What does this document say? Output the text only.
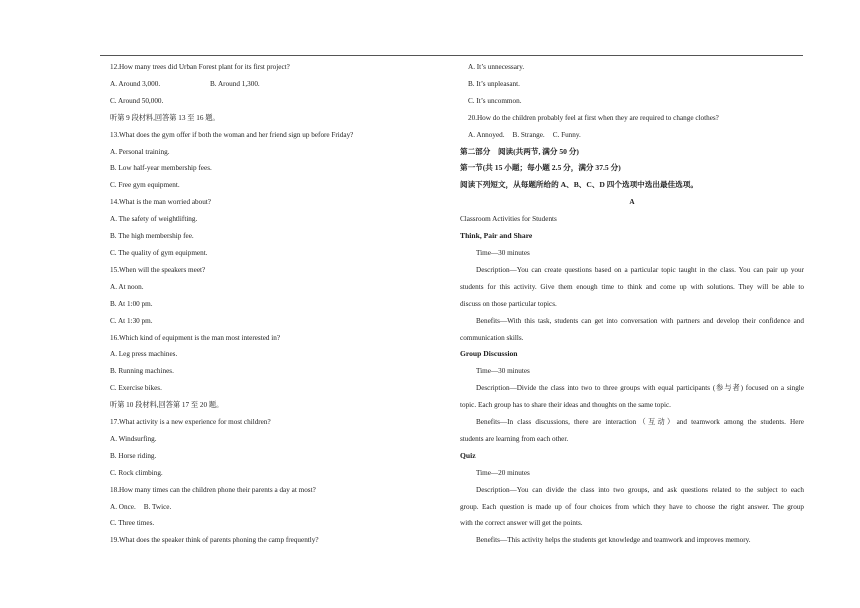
12.How many trees did Urban Forest plant for its first project?
A. Around 3,000.	B. Around 1,300.
C. Around 50,000.
听第 9 段材料,回答第 13 至 16 题。
13.What does the gym offer if both the woman and her friend sign up before Friday?
A. Personal training.
B. Low half-year membership fees.
C. Free gym equipment.
14.What is the man worried about?
A. The safety of weightlifting.
B. The high membership fee.
C. The quality of gym equipment.
15.When will the speakers meet?
A. At noon.
B. At 1:00 pm.
C. At 1:30 pm.
16.Which kind of equipment is the man most interested in?
A. Leg press machines.
B. Running machines.
C. Exercise bikes.
听第 10 段材料,回答第 17 至 20 题。
17.What activity is a new experience for most children?
A. Windsurfing.
B. Horse riding.
C. Rock climbing.
18.How many times can the children phone their parents a day at most?
A. Once. B. Twice.
C. Three times.
19.What does the speaker think of parents phoning the camp frequently?
A. It’s unnecessary.
B. It’s unpleasant.
C. It’s uncommon.
20.How do the children probably feel at first when they are required to change clothes?
A. Annoyed. B. Strange. C. Funny.
第二部分　阅读(共两节, 满分 50 分)
第一节(共 15 小题；每小题 2.5 分，满分 37.5 分)
阅读下列短文，从每题所给的 A、B、C、D 四个选项中选出最佳选项。
A
Classroom Activities for Students
Think, Pair and Share
Time—30 minutes
Description—You can create questions based on a particular topic taught in the class. You can pair up your
students for this activity. Give them enough time to think and come up with solutions. They will be able to
discuss on those particular topics.
Benefits—With this task, students can get into conversation with partners and develop their confidence and
communication skills.
Group Discussion
Time—30 minutes
Description—Divide the class into two to three groups with equal participants (参与者) focused on a single
topic. Each group has to share their ideas and thoughts on the same topic.
Benefits—In class discussions, there are interaction（互动）and teamwork among the students. Here
students are learning from each other.
Quiz
Time—20 minutes
Description—You can divide the class into two groups, and ask questions related to the subject to each
group. Each question is made up of four choices from which they have to choose the right answer. The group
with the correct answer will get the points.
Benefits—This activity helps the students get knowledge and teamwork and improves memory.
